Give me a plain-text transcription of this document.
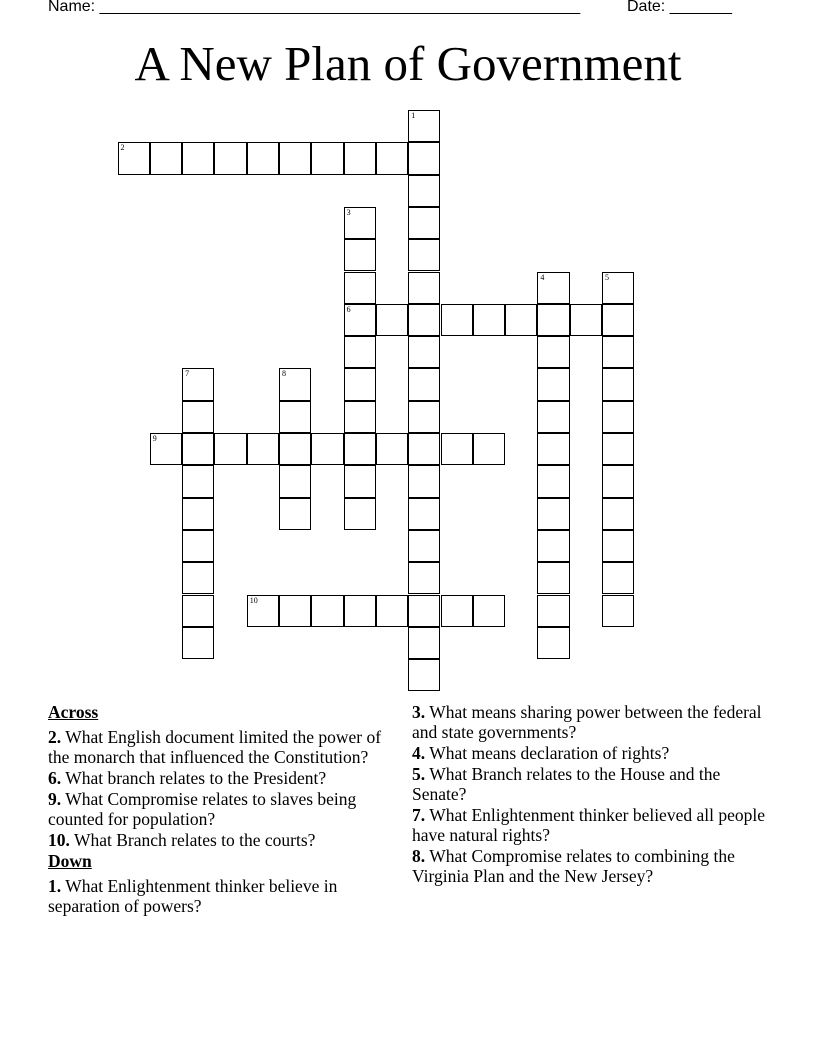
Name: ______________________________________________________	Date: _______
A New Plan of Government
1
2
3
4	5
6
7	8
9
10
Across
2. What English document limited the power of the monarch that influenced the Constitution?
6. What branch relates to the President?
9. What Compromise relates to slaves being counted for population?
10. What Branch relates to the courts?
Down
1. What Enlightenment thinker believe in separation of powers?
3. What means sharing power between the federal and state governments?
4. What means declaration of rights?
5. What Branch relates to the House and the Senate?
7. What Enlightenment thinker believed all people have natural rights?
8. What Compromise relates to combining the Virginia Plan and the New Jersey?
